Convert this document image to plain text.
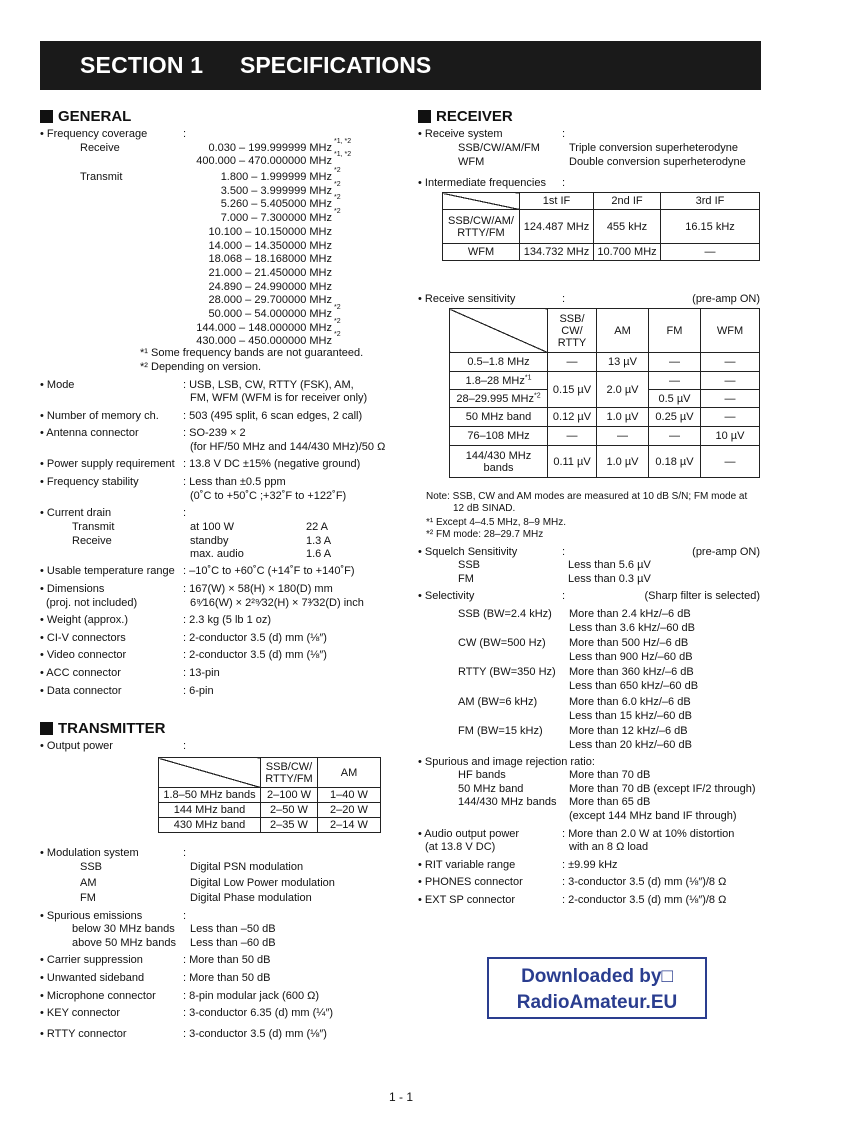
SECTION 1 SPECIFICATIONS
GENERAL
• Frequency coverage	:
Receive	0.030 – 199.999999 MHz
*1, *2
400.000 – 470.000000 MHz
*1, *2
Transmit	1.800 – 1.999999 MHz
*2
3.500 – 3.999999 MHz
*2
5.260 – 5.405000 MHz
*2
7.000 – 7.300000 MHz
*2
10.100 – 10.150000 MHz
14.000 – 14.350000 MHz
18.068 – 18.168000 MHz
21.000 – 21.450000 MHz
24.890 – 24.990000 MHz
28.000 – 29.700000 MHz
50.000 – 54.000000 MHz
*2
144.000 – 148.000000 MHz
*2
430.000 – 450.000000 MHz
*2
*¹ Some frequency bands are not guaranteed.
*² Depending on version.
• Mode	: USB, LSB, CW, RTTY (FSK), AM,
FM, WFM (WFM is for receiver only)
• Number of memory ch. : 503 (495 split, 6 scan edges, 2 call)
• Antenna connector	: SO-239 × 2
(for HF/50 MHz and 144/430 MHz)/50 Ω
• Power supply requirement : 13.8 V DC ±15% (negative ground)
• Frequency stability	: Less than ±0.5 ppm
(0˚C to +50˚C ;+32˚F to +122˚F)
• Current drain	:
Transmit	at 100 W	22 A
Receive	standby	1.3 A
max. audio	1.6 A
• Usable temperature range : –10˚C to +60˚C (+14˚F to +140˚F)
• Dimensions
(proj. not included)
: 167(W) × 58(H) × 180(D) mm
6⁹⁄16(W) × 2²⁹⁄32(H) × 7³⁄32(D) inch
• Weight (approx.)	: 2.3 kg (5 lb 1 oz)
• CI-V connectors	: 2-conductor 3.5 (d) mm (⅛″)
• Video connector	: 2-conductor 3.5 (d) mm (⅛″)
• ACC connector	: 13-pin
• Data connector	: 6-pin
TRANSMITTER
• Output power	:
	SSB/CW/ RTTY/FM	AM
1.8–50 MHz bands	2–100 W	1–40 W
144 MHz band	2–50 W	2–20 W
430 MHz band	2–35 W	2–14 W
• Modulation system	:
SSB	Digital PSN modulation
AM	Digital Low Power modulation
FM	Digital Phase modulation
• Spurious emissions	:
below 30 MHz bands Less than –50 dB
above 50 MHz bands Less than –60 dB
• Carrier suppression	: More than 50 dB
• Unwanted sideband	: More than 50 dB
• Microphone connector : 8-pin modular jack (600 Ω)
• KEY connector	: 3-conductor 6.35 (d) mm (¼″)
• RTTY connector	: 3-conductor 3.5 (d) mm (⅛″)
RECEIVER
• Receive system	:
SSB/CW/AM/FM	Triple conversion superheterodyne
WFM	Double conversion superheterodyne
• Intermediate frequencies :
	1st IF	2nd IF	3rd IF
SSB/CW/AM/ RTTY/FM	124.487 MHz	455 kHz	16.15 kHz
WFM	134.732 MHz	10.700 MHz	—
• Receive sensitivity	:	(pre-amp ON)
	SSB/ CW/ RTTY	AM	FM	WFM
0.5–1.8 MHz	—	13 µV	—	—
1.8–28 MHz$^{*1}$	0.15 µV	2.0 µV	—	—
28–29.995 MHz$^{*2}$			0.5 µV	—
50 MHz band	0.12 µV	1.0 µV	0.25 µV	—
76–108 MHz	—	—	—	10 µV
144/430 MHz bands	0.11 µV	1.0 µV	0.18 µV	—
Note: SSB, CW and AM modes are measured at 10 dB S/N; FM mode at
12 dB SINAD.
*¹ Except 4–4.5 MHz, 8–9 MHz.
*² FM mode: 28–29.7 MHz
• Squelch Sensitivity	:	(pre-amp ON)
SSB	Less than 5.6 µV
FM	Less than 0.3 µV
• Selectivity	:	(Sharp filter is selected)
SSB (BW=2.4 kHz) More than 2.4 kHz/–6 dB
Less than 3.6 kHz/–60 dB
CW (BW=500 Hz) More than 500 Hz/–6 dB
Less than 900 Hz/–60 dB
RTTY (BW=350 Hz) More than 360 kHz/–6 dB
Less than 650 kHz/–60 dB
AM (BW=6 kHz)	More than 6.0 kHz/–6 dB
Less than 15 kHz/–60 dB
FM (BW=15 kHz) More than 12 kHz/–6 dB
Less than 20 kHz/–60 dB
• Spurious and image rejection ratio:
HF bands	More than 70 dB
50 MHz band	More than 70 dB (except IF/2 through)
144/430 MHz bands More than 65 dB
(except 144 MHz band IF through)
• Audio output power
(at 13.8 V DC)
: More than 2.0 W at 10% distortion
with an 8 Ω load
• RIT variable range	: ±9.99 kHz
• PHONES connector	: 3-conductor 3.5 (d) mm (⅛″)/8 Ω
• EXT SP connector	: 2-conductor 3.5 (d) mm (⅛″)/8 Ω
Downloaded by□
RadioAmateur.EU
1 - 1
